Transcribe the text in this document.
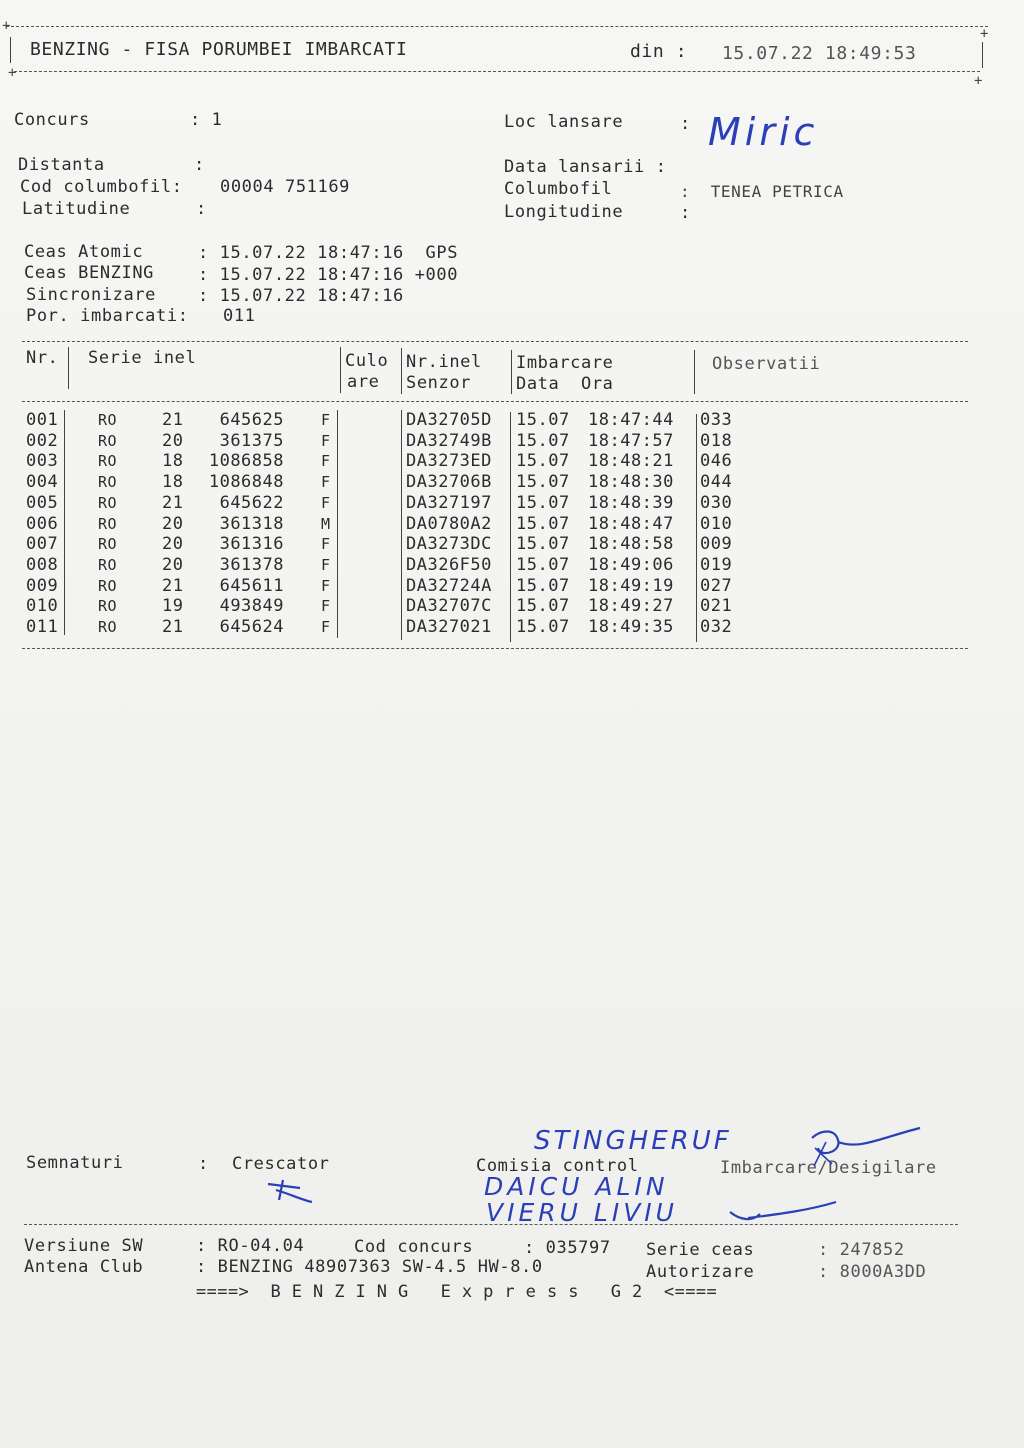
+	+
BENZING - FISA PORUMBEI IMBARCATI	din : 15.07.22 18:49:53
+	+
Concurs	: 1
Distanta	:
Cod columbofil: 00004 751169
Latitudine	:
Loc lansare	: Miric
Data lansarii :
Columbofil	:  TENEA PETRICA
Longitudine	:
Ceas Atomic	: 15.07.22 18:47:16  GPS
Ceas BENZING	: 15.07.22 18:47:16 +000
Sincronizare : 15.07.22 18:47:16
Por. imbarcati: 011
Nr. Serie inel	Culo
are
Nr.inel
Senzor
Imbarcare
Data  Ora
Observatii
001	RO	21 645625 F	DA32705D 15.07 18:47:44 033
002	RO	20 361375 F	DA32749B 15.07 18:47:57 018
003	RO	18 1086858 F	DA3273ED 15.07 18:48:21 046
004	RO	18 1086848 F	DA32706B 15.07 18:48:30 044
005	RO	21 645622 F	DA327197 15.07 18:48:39 030
006	RO	20 361318 M	DA0780A2 15.07 18:48:47 010
007	RO	20 361316 F	DA3273DC 15.07 18:48:58 009
008	RO	20 361378 F	DA326F50 15.07 18:49:06 019
009	RO	21 645611 F	DA32724A 15.07 18:49:19 027
010	RO	19 493849 F	DA32707C 15.07 18:49:27 021
011	RO	21 645624 F	DA327021 15.07 18:49:35 032
Semnaturi	: Crescator	Comisia control	Imbarcare/Desigilare
STINGHERUF
DAICU ALIN
VIERU LIVIU
Versiune SW	: RO-04.04	Cod concurs	: 035797 Serie ceas	: 247852
Antena Club	: BENZING 48907363 SW-4.5 HW-8.0	Autorizare	: 8000A3DD
====>  B E N Z I N G   E x p r e s s   G 2  <====
